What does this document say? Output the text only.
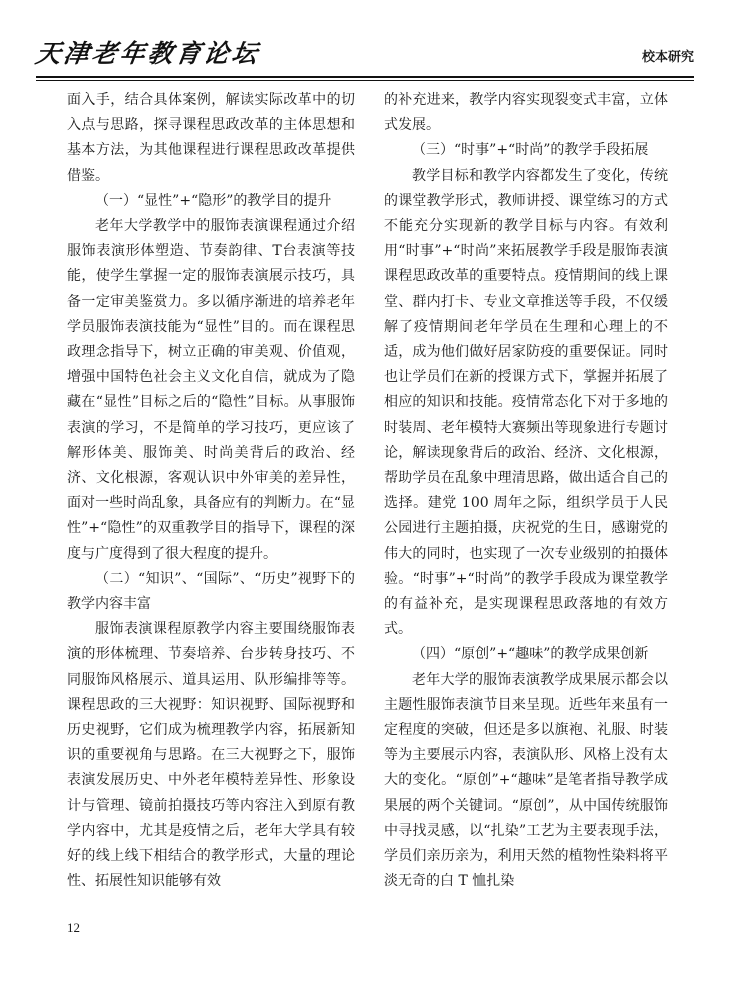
天津老年教育论坛	校本研究

面入手，结合具体案例，解读实际改革中的切入点与思路，探寻课程思政改革的主体思想和基本方法，为其他课程进行课程思政改革提供借鉴。

（一）“显性”+“隐形”的教学目的提升

老年大学教学中的服饰表演课程通过介绍服饰表演形体塑造、节奏韵律、T台表演等技能，使学生掌握一定的服饰表演展示技巧，具备一定审美鉴赏力。多以循序渐进的培养老年学员服饰表演技能为“显性”目的。而在课程思政理念指导下，树立正确的审美观、价值观，增强中国特色社会主义文化自信，就成为了隐藏在“显性”目标之后的“隐性”目标。从事服饰表演的学习，不是简单的学习技巧，更应该了解形体美、服饰美、时尚美背后的政治、经济、文化根源，客观认识中外审美的差异性，面对一些时尚乱象，具备应有的判断力。在“显性”+“隐性”的双重教学目的指导下，课程的深度与广度得到了很大程度的提升。

（二）“知识”、“国际”、“历史”视野下的教学内容丰富

服饰表演课程原教学内容主要围绕服饰表演的形体梳理、节奏培养、台步转身技巧、不同服饰风格展示、道具运用、队形编排等等。课程思政的三大视野：知识视野、国际视野和历史视野，它们成为梳理教学内容，拓展新知识的重要视角与思路。在三大视野之下，服饰表演发展历史、中外老年模特差异性、形象设计与管理、镜前拍摄技巧等内容注入到原有教学内容中，尤其是疫情之后，老年大学具有较好的线上线下相结合的教学形式，大量的理论性、拓展性知识能够有效

的补充进来，教学内容实现裂变式丰富，立体式发展。

（三）“时事”+“时尚”的教学手段拓展

教学目标和教学内容都发生了变化，传统的课堂教学形式，教师讲授、课堂练习的方式不能充分实现新的教学目标与内容。有效利用“时事”+“时尚”来拓展教学手段是服饰表演课程思政改革的重要特点。疫情期间的线上课堂、群内打卡、专业文章推送等手段，不仅缓解了疫情期间老年学员在生理和心理上的不适，成为他们做好居家防疫的重要保证。同时也让学员们在新的授课方式下，掌握并拓展了相应的知识和技能。疫情常态化下对于多地的时装周、老年模特大赛频出等现象进行专题讨论，解读现象背后的政治、经济、文化根源，帮助学员在乱象中理清思路，做出适合自己的选择。建党 100 周年之际，组织学员于人民公园进行主题拍摄，庆祝党的生日，感谢党的伟大的同时，也实现了一次专业级别的拍摄体验。“时事”+“时尚”的教学手段成为课堂教学的有益补充，是实现课程思政落地的有效方式。

（四）“原创”+“趣味”的教学成果创新

老年大学的服饰表演教学成果展示都会以主题性服饰表演节目来呈现。近些年来虽有一定程度的突破，但还是多以旗袍、礼服、时装等为主要展示内容，表演队形、风格上没有太大的变化。“原创”+“趣味”是笔者指导教学成果展的两个关键词。“原创”，从中国传统服饰中寻找灵感，以“扎染”工艺为主要表现手法，学员们亲历亲为，利用天然的植物性染料将平淡无奇的白 T 恤扎染

12
